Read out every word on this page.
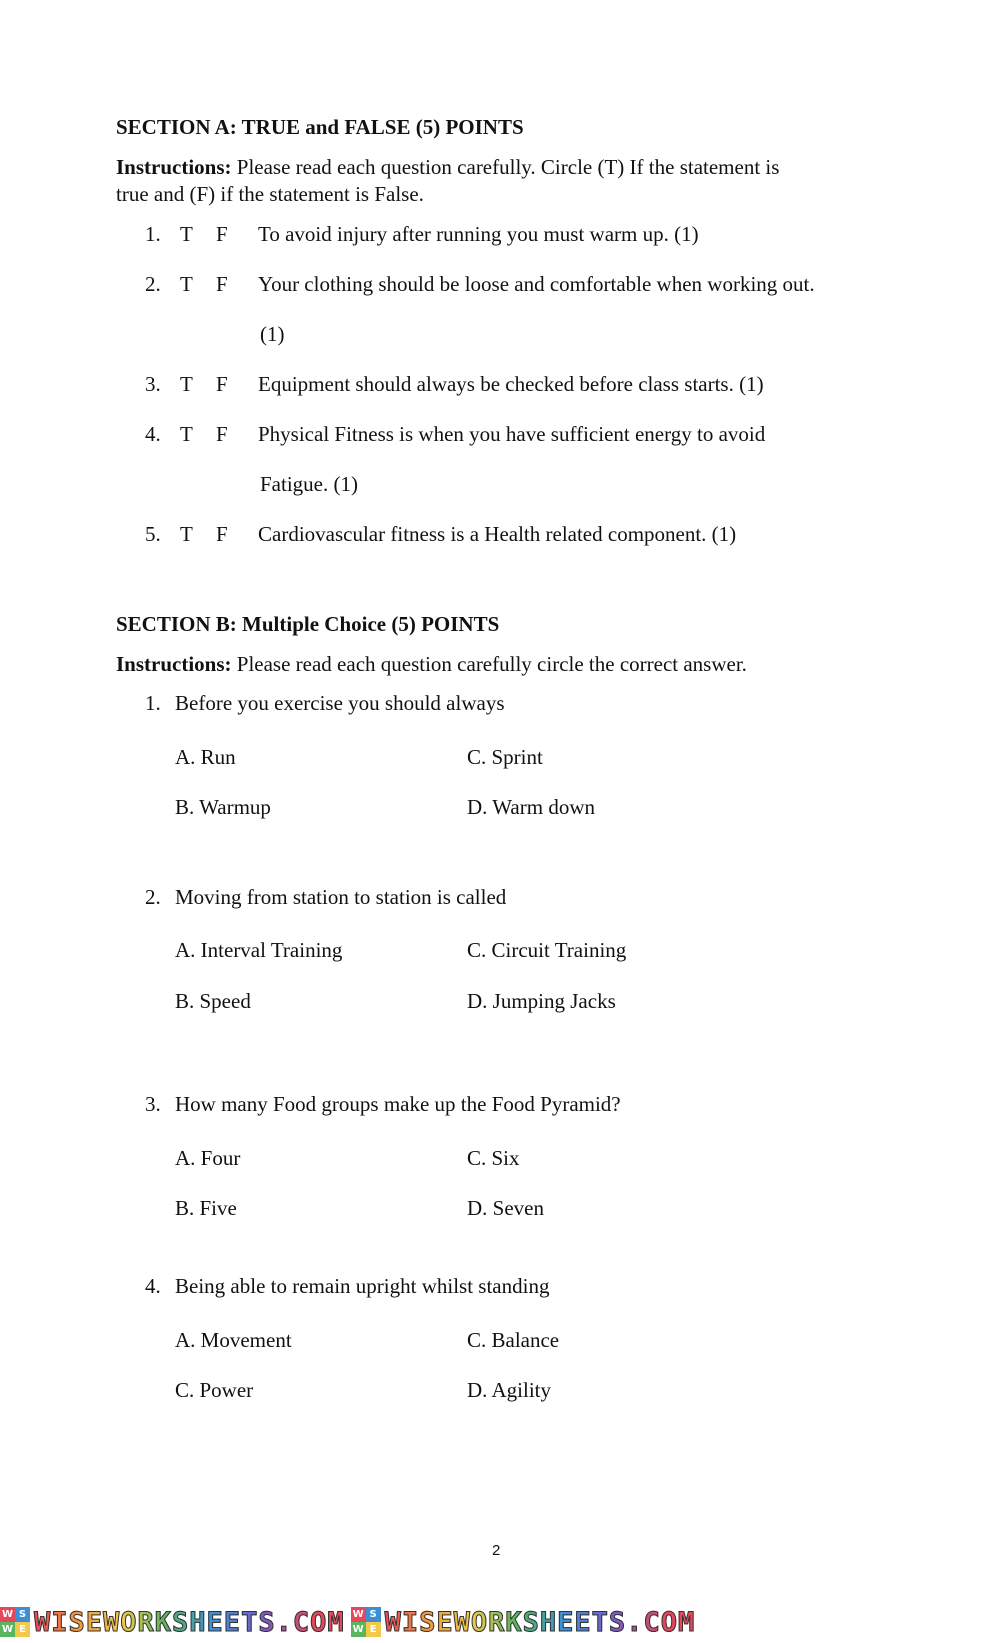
SECTION A: TRUE and FALSE (5) POINTS
Instructions: Please read each question carefully. Circle (T) If the statement is
true and (F) if the statement is False.
1. T F To avoid injury after running you must warm up. (1)
2. T F Your clothing should be loose and comfortable when working out.
(1)
3. T F Equipment should always be checked before class starts. (1)
4. T F Physical Fitness is when you have sufficient energy to avoid
Fatigue. (1)
5. T F Cardiovascular fitness is a Health related component. (1)
SECTION B: Multiple Choice (5) POINTS
Instructions: Please read each question carefully circle the correct answer.
1. Before you exercise you should always
A. Run	C. Sprint
B. Warmup	D. Warm down
2. Moving from station to station is called
A. Interval Training	C. Circuit Training
B. Speed	D. Jumping Jacks
3. How many Food groups make up the Food Pyramid?
A. Four	C. Six
B. Five	D. Seven
4. Being able to remain upright whilst standing
A. Movement	C. Balance
C. Power	D. Agility
2
W S
W E WISEWORKSHEETS.COM W S
W E WISEWORKSHEETS.COM
